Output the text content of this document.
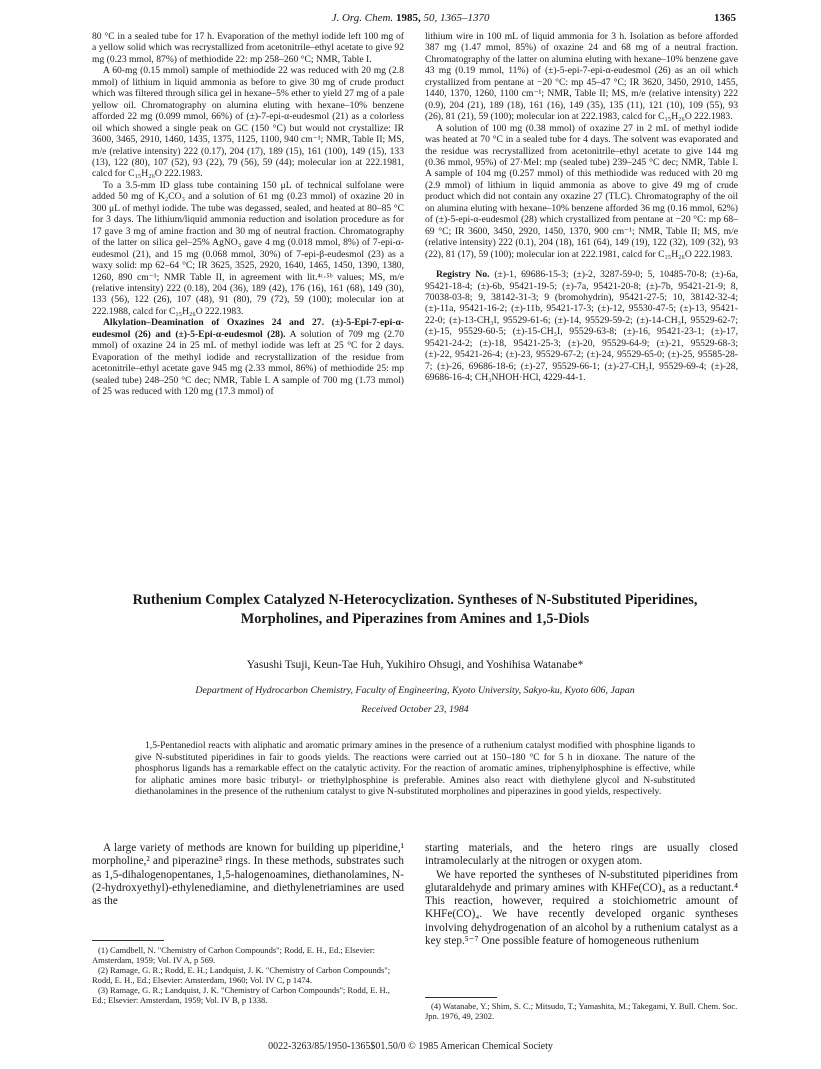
J. Org. Chem. 1985, 50, 1365–1370	1365

80 °C in a sealed tube for 17 h. Evaporation of the methyl iodide left 100 mg of a yellow solid which was recrystallized from acetonitrile–ethyl acetate to give 92 mg (0.23 mmol, 87%) of methiodide 22: mp 258–260 °C; NMR, Table I.

A 60-mg (0.15 mmol) sample of methiodide 22 was reduced with 20 mg (2.8 mmol) of lithium in liquid ammonia as before to give 30 mg of crude product which was filtered through silica gel in hexane–5% ether to yield 27 mg of a pale yellow oil. Chromatography on alumina eluting with hexane–10% benzene afforded 22 mg (0.099 mmol, 66%) of (±)-7-epi-α-eudesmol (21) as a colorless oil which showed a single peak on GC (150 °C) but would not crystallize: IR 3600, 3465, 2910, 1460, 1435, 1375, 1125, 1100, 940 cm⁻¹; NMR, Table II; MS, m/e (relative intensity) 222 (0.17), 204 (17), 189 (15), 161 (100), 149 (15), 133 (13), 122 (80), 107 (52), 93 (22), 79 (56), 59 (44); molecular ion at 222.1981, calcd for C₁₅H₂₆O 222.1983.

To a 3.5-mm ID glass tube containing 150 μL of technical sulfolane were added 50 mg of K₂CO₃ and a solution of 61 mg (0.23 mmol) of oxazine 20 in 300 μL of methyl iodide. The tube was degassed, sealed, and heated at 80–85 °C for 3 days. The lithium/liquid ammonia reduction and isolation procedure as for 17 gave 3 mg of amine fraction and 30 mg of neutral fraction. Chromatography of the latter on silica gel–25% AgNO₃ gave 4 mg (0.018 mmol, 8%) of 7-epi-α-eudesmol (21), and 15 mg (0.068 mmol, 30%) of 7-epi-β-eudesmol (23) as a waxy solid: mp 62–64 °C; IR 3625, 3525, 2920, 1640, 1465, 1450, 1390, 1380, 1260, 890 cm⁻¹; NMR Table II, in agreement with lit.⁴ᶜ·⁵ᵇ values; MS, m/e (relative intensity) 222 (0.18), 204 (36), 189 (42), 176 (16), 161 (68), 149 (30), 133 (56), 122 (26), 107 (48), 91 (80), 79 (72), 59 (100); molecular ion at 222.1988, calcd for C₁₅H₂₆O 222.1983.

Alkylation–Deamination of Oxazines 24 and 27. (±)-5-Epi-7-epi-α-eudesmol (26) and (±)-5-Epi-α-eudesmol (28). A solution of 709 mg (2.70 mmol) of oxazine 24 in 25 mL of methyl iodide was left at 25 °C for 2 days. Evaporation of the methyl iodide and recrystallization of the residue from acetonitrile–ethyl acetate gave 945 mg (2.33 mmol, 86%) of methiodide 25: mp (sealed tube) 248–250 °C dec; NMR, Table I. A sample of 700 mg (1.73 mmol) of 25 was reduced with 120 mg (17.3 mmol) of

lithium wire in 100 mL of liquid ammonia for 3 h. Isolation as before afforded 387 mg (1.47 mmol, 85%) of oxazine 24 and 68 mg of a neutral fraction. Chromatography of the latter on alumina eluting with hexane–10% benzene gave 43 mg (0.19 mmol, 11%) of (±)-5-epi-7-epi-α-eudesmol (26) as an oil which crystallized from pentane at −20 °C: mp 45–47 °C; IR 3620, 3450, 2910, 1455, 1440, 1370, 1260, 1100 cm⁻¹; NMR, Table II; MS, m/e (relative intensity) 222 (0.9), 204 (21), 189 (18), 161 (16), 149 (35), 135 (11), 121 (10), 109 (55), 93 (26), 81 (21), 59 (100); molecular ion at 222.1983, calcd for C₁₅H₂₆O 222.1983.

A solution of 100 mg (0.38 mmol) of oxazine 27 in 2 mL of methyl iodide was heated at 70 °C in a sealed tube for 4 days. The solvent was evaporated and the residue was recrystallized from acetonitrile–ethyl acetate to give 144 mg (0.36 mmol, 95%) of 27·MeI: mp (sealed tube) 239–245 °C dec; NMR, Table I. A sample of 104 mg (0.257 mmol) of this methiodide was reduced with 20 mg (2.9 mmol) of lithium in liquid ammonia as above to give 49 mg of crude product which did not contain any oxazine 27 (TLC). Chromatography of the oil on alumina eluting with hexane–10% benzene afforded 36 mg (0.16 mmol, 62%) of (±)-5-epi-α-eudesmol (28) which crystallized from pentane at −20 °C: mp 68–69 °C; IR 3600, 3450, 2920, 1450, 1370, 900 cm⁻¹; NMR, Table II; MS, m/e (relative intensity) 222 (0.1), 204 (18), 161 (64), 149 (19), 122 (32), 109 (32), 93 (22), 81 (17), 59 (100); molecular ion at 222.1981, calcd for C₁₅H₂₆O 222.1983.

Registry No. (±)-1, 69686-15-3; (±)-2, 3287-59-0; 5, 10485-70-8; (±)-6a, 95421-18-4; (±)-6b, 95421-19-5; (±)-7a, 95421-20-8; (±)-7b, 95421-21-9; 8, 70038-03-8; 9, 38142-31-3; 9 (bromohydrin), 95421-27-5; 10, 38142-32-4; (±)-11a, 95421-16-2; (±)-11b, 95421-17-3; (±)-12, 95530-47-5; (±)-13, 95421-22-0; (±)-13-CH₃I, 95529-61-6; (±)-14, 95529-59-2; (±)-14-CH₃I, 95529-62-7; (±)-15, 95529-60-5; (±)-15-CH₃I, 95529-63-8; (±)-16, 95421-23-1; (±)-17, 95421-24-2; (±)-18, 95421-25-3; (±)-20, 95529-64-9; (±)-21, 95529-68-3; (±)-22, 95421-26-4; (±)-23, 95529-67-2; (±)-24, 95529-65-0; (±)-25, 95585-28-7; (±)-26, 69686-18-6; (±)-27, 95529-66-1; (±)-27-CH₃I, 95529-69-4; (±)-28, 69686-16-4; CH₃NHOH·HCl, 4229-44-1.

Ruthenium Complex Catalyzed N-Heterocyclization. Syntheses of N-Substituted Piperidines, Morpholines, and Piperazines from Amines and 1,5-Diols
Yasushi Tsuji, Keun-Tae Huh, Yukihiro Ohsugi, and Yoshihisa Watanabe*
Department of Hydrocarbon Chemistry, Faculty of Engineering, Kyoto University, Sakyo-ku, Kyoto 606, Japan
Received October 23, 1984
1,5-Pentanediol reacts with aliphatic and aromatic primary amines in the presence of a ruthenium catalyst modified with phosphine ligands to give N-substituted piperidines in fair to goods yields. The reactions were carried out at 150–180 °C for 5 h in dioxane. The nature of the phosphorus ligands has a remarkable effect on the catalytic activity. For the reaction of aromatic amines, triphenylphosphine is effective, while for aliphatic amines more basic tributyl- or triethylphosphine is preferable. Amines also react with diethylene glycol and N-substituted diethanolamines in the presence of the ruthenium catalyst to give N-substituted morpholines and piperazines in good yields, respectively.
A large variety of methods are known for building up piperidine,¹ morpholine,² and piperazine³ rings. In these methods, substrates such as 1,5-dihalogenopentanes, 1,5-halogenoamines, diethanolamines, N-(2-hydroxyethyl)-ethylenediamine, and diethylenetriamines are used as the

starting materials, and the hetero rings are usually closed intramolecularly at the nitrogen or oxygen atom.

We have reported the syntheses of N-substituted piperidines from glutaraldehyde and primary amines with KHFe(CO)₄ as a reductant.⁴ This reaction, however, required a stoichiometric amount of KHFe(CO)₄. We have recently developed organic syntheses involving dehydrogenation of an alcohol by a ruthenium catalyst as a key step.⁵⁻⁷ One possible feature of homogeneous ruthenium

(1) Camdbell, N. "Chemistry of Carbon Compounds"; Rodd, E. H., Ed.; Elsevier: Amsterdam, 1959; Vol. IV A, p 569.

(2) Ramage, G. R.; Rodd, E. H.; Landquist, J. K. "Chemistry of Carbon Compounds"; Rodd, E. H., Ed.; Elsevier: Amsterdam, 1960; Vol. IV C, p 1474.

(3) Ramage, G. R.; Landquist, J. K. "Chemistry of Carbon Compounds"; Rodd, E. H., Ed.; Elsevier: Amsterdam, 1959; Vol. IV B, p 1338.

(4) Watanabe, Y.; Shim, S. C.; Mitsudo, T.; Yamashita, M.; Takegami, Y. Bull. Chem. Soc. Jpn. 1976, 49, 2302.
0022-3263/85/1950-1365$01.50/0 © 1985 American Chemical Society
